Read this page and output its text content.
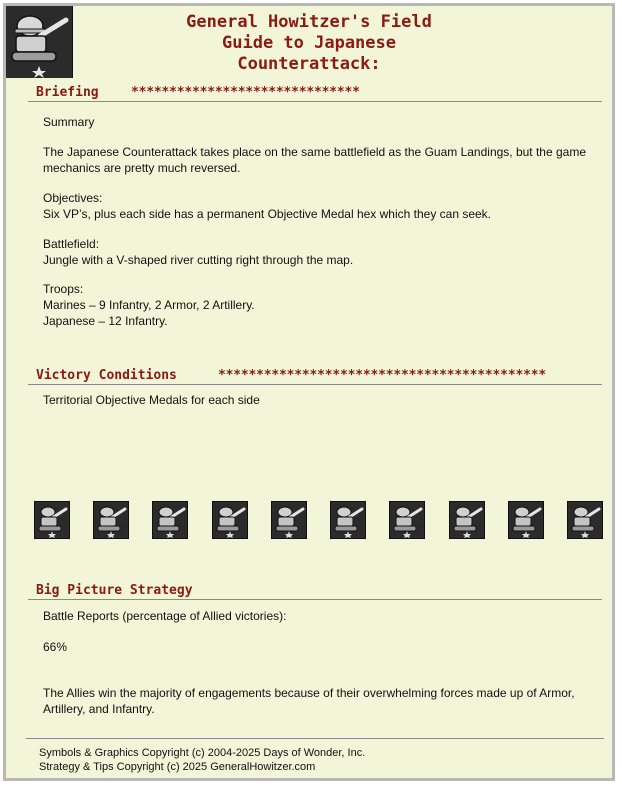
General Howitzer's Field
Guide to Japanese
Counterattack:
Briefing ******************************
Summary
The Japanese Counterattack takes place on the same battlefield as the Guam Landings, but the game mechanics are pretty much reversed.
Objectives:
Six VP’s, plus each side has a permanent Objective Medal hex which they can seek.
Battlefield:
Jungle with a V-shaped river cutting right through the map.
Troops:
Marines – 9 Infantry, 2 Armor, 2 Artillery.
Japanese – 12 Infantry.
Victory Conditions	*******************************************
Territorial Objective Medals for each side
Big Picture Strategy
Battle Reports (percentage of Allied victories):
66%
The Allies win the majority of engagements because of their overwhelming forces made up of Armor, Artillery, and Infantry.
Symbols & Graphics Copyright (c) 2004-2025 Days of Wonder, Inc.
Strategy & Tips Copyright (c) 2025 GeneralHowitzer.com
